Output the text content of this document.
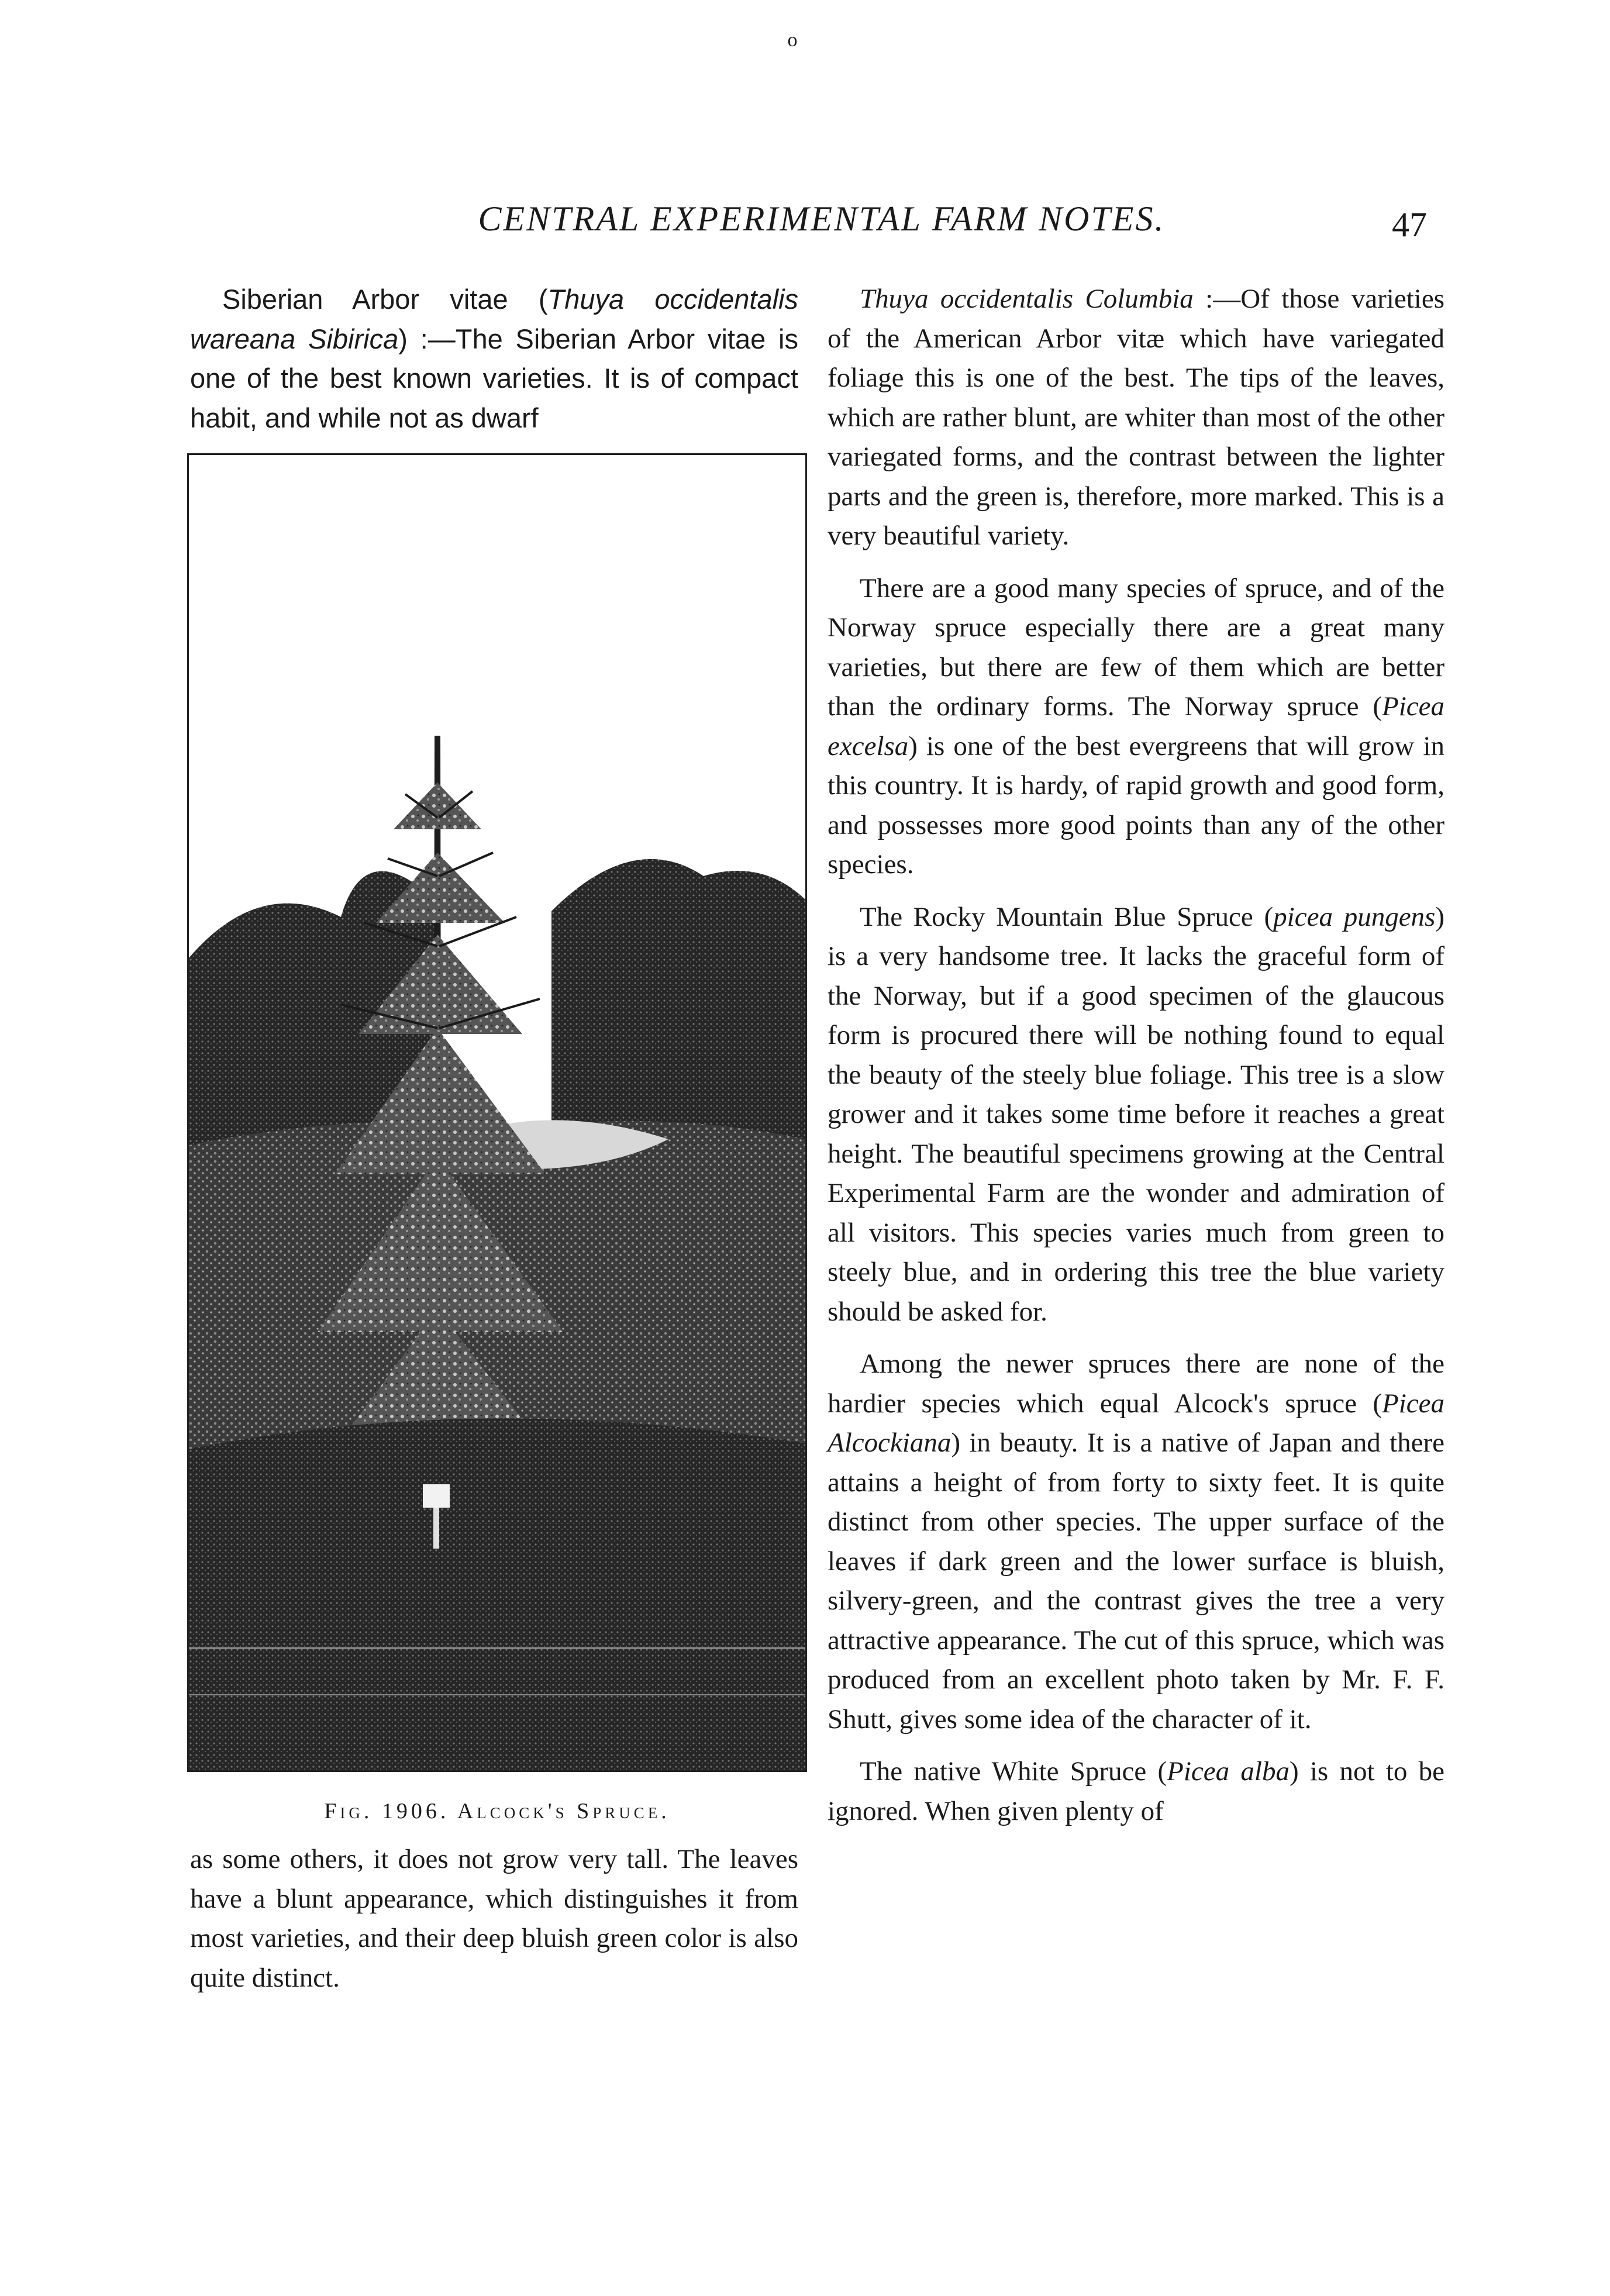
o
CENTRAL EXPERIMENTAL FARM NOTES.	47

Siberian Arbor vitae (Thuya occidentalis wareana Sibirica) :—The Siberian Arbor vitae is one of the best known varieties. It is of compact habit, and while not as dwarf

Fig. 1906. Alcock's Spruce.

as some others, it does not grow very tall. The leaves have a blunt appearance, which distinguishes it from most varieties, and their deep bluish green color is also quite distinct.

Thuya occidentalis Columbia :—Of those varieties of the American Arbor vitæ which have variegated foliage this is one of the best. The tips of the leaves, which are rather blunt, are whiter than most of the other variegated forms, and the contrast between the lighter parts and the green is, therefore, more marked. This is a very beautiful variety.

There are a good many species of spruce, and of the Norway spruce especially there are a great many varieties, but there are few of them which are better than the ordinary forms. The Norway spruce (Picea excelsa) is one of the best evergreens that will grow in this country. It is hardy, of rapid growth and good form, and possesses more good points than any of the other species.

The Rocky Mountain Blue Spruce (picea pungens) is a very handsome tree. It lacks the graceful form of the Norway, but if a good specimen of the glaucous form is procured there will be nothing found to equal the beauty of the steely blue foliage. This tree is a slow grower and it takes some time before it reaches a great height. The beautiful specimens growing at the Central Experimental Farm are the wonder and admiration of all visitors. This species varies much from green to steely blue, and in ordering this tree the blue variety should be asked for.

Among the newer spruces there are none of the hardier species which equal Alcock's spruce (Picea Alcockiana) in beauty. It is a native of Japan and there attains a height of from forty to sixty feet. It is quite distinct from other species. The upper surface of the leaves if dark green and the lower surface is bluish, silvery-green, and the contrast gives the tree a very attractive appearance. The cut of this spruce, which was produced from an excellent photo taken by Mr. F. F. Shutt, gives some idea of the character of it.

The native White Spruce (Picea alba) is not to be ignored. When given plenty of
